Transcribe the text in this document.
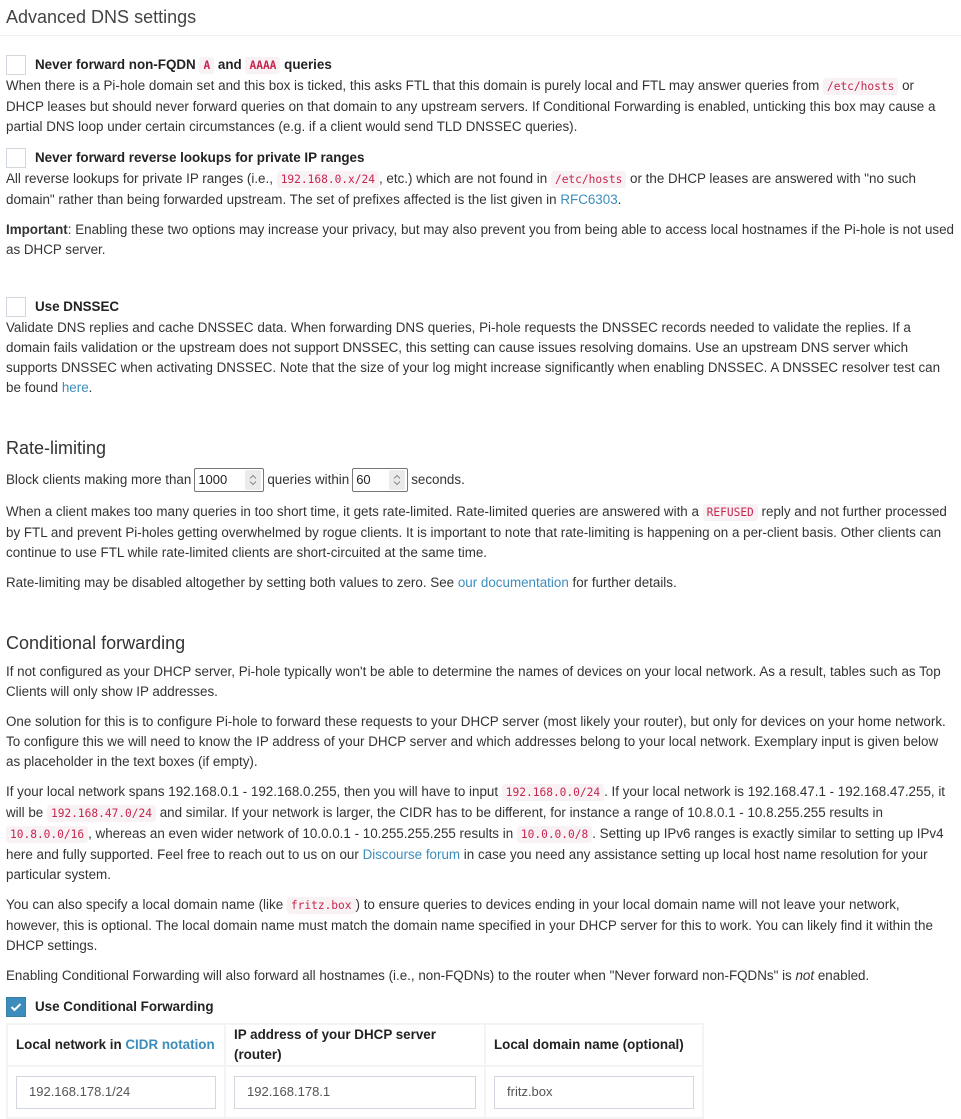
Advanced DNS settings
Never forward non-FQDN A and AAAA queries

When there is a Pi-hole domain set and this box is ticked, this asks FTL that this domain is purely local and FTL may answer queries from /etc/hosts or DHCP leases but should never forward queries on that domain to any upstream servers. If Conditional Forwarding is enabled, unticking this box may cause a partial DNS loop under certain circumstances (e.g. if a client would send TLD DNSSEC queries).

Never forward reverse lookups for private IP ranges

All reverse lookups for private IP ranges (i.e., 192.168.0.x/24 , etc.) which are not found in /etc/hosts or the DHCP leases are answered with "no such domain" rather than being forwarded upstream. The set of prefixes affected is the list given in RFC6303.

Important: Enabling these two options may increase your privacy, but may also prevent you from being able to access local hostnames if the Pi-hole is not used as DHCP server.

Use DNSSEC

Validate DNS replies and cache DNSSEC data. When forwarding DNS queries, Pi-hole requests the DNSSEC records needed to validate the replies. If a domain fails validation or the upstream does not support DNSSEC, this setting can cause issues resolving domains. Use an upstream DNS server which supports DNSSEC when activating DNSSEC. Note that the size of your log might increase significantly when enabling DNSSEC. A DNSSEC resolver test can be found here.

Rate-limiting
Block clients making more than 1000	queries within 60	seconds.

When a client makes too many queries in too short time, it gets rate-limited. Rate-limited queries are answered with a REFUSED reply and not further processed by FTL and prevent Pi-holes getting overwhelmed by rogue clients. It is important to note that rate-limiting is happening on a per-client basis. Other clients can continue to use FTL while rate-limited clients are short-circuited at the same time.

Rate-limiting may be disabled altogether by setting both values to zero. See our documentation for further details.

Conditional forwarding

If not configured as your DHCP server, Pi-hole typically won't be able to determine the names of devices on your local network. As a result, tables such as Top Clients will only show IP addresses.

One solution for this is to configure Pi-hole to forward these requests to your DHCP server (most likely your router), but only for devices on your home network. To configure this we will need to know the IP address of your DHCP server and which addresses belong to your local network. Exemplary input is given below as placeholder in the text boxes (if empty).

If your local network spans 192.168.0.1 - 192.168.0.255, then you will have to input 192.168.0.0/24 . If your local network is 192.168.47.1 - 192.168.47.255, it will be 192.168.47.0/24 and similar. If your network is larger, the CIDR has to be different, for instance a range of 10.8.0.1 - 10.8.255.255 results in 10.8.0.0/16 , whereas an even wider network of 10.0.0.1 - 10.255.255.255 results in 10.0.0.0/8 . Setting up IPv6 ranges is exactly similar to setting up IPv4 here and fully supported. Feel free to reach out to us on our Discourse forum in case you need any assistance setting up local host name resolution for your particular system.

You can also specify a local domain name (like fritz.box ) to ensure queries to devices ending in your local domain name will not leave your network, however, this is optional. The local domain name must match the domain name specified in your DHCP server for this to work. You can likely find it within the DHCP settings.

Enabling Conditional Forwarding will also forward all hostnames (i.e., non-FQDNs) to the router when "Never forward non-FQDNs" is not enabled.

Use Conditional Forwarding
Local network in CIDR notation	IP address of your DHCP server (router)	Local domain name (optional)

192.168.178.1/24	192.168.178.1	fritz.box
